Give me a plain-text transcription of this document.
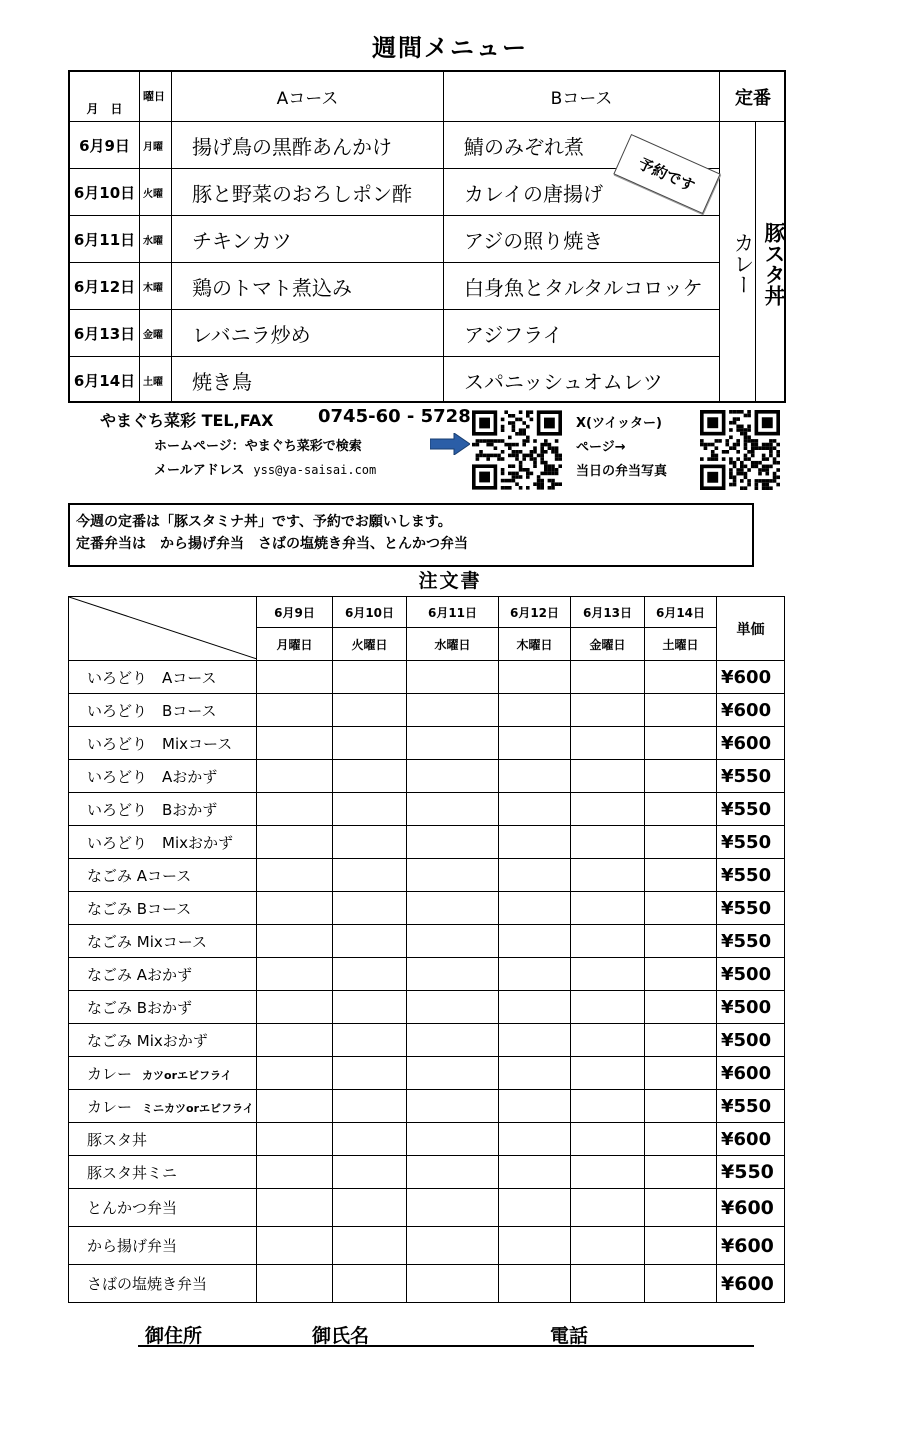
週間メニュー
月　日
曜日	Aコース	Bコース	定番
6月9日	月曜	揚げ鳥の黒酢あんかけ	鯖のみぞれ煮
6月10日 火曜	豚と野菜のおろしポン酢	カレイの唐揚げ
6月11日 水曜	チキンカツ	アジの照り焼き
6月12日 木曜	鶏のトマト煮込み	白身魚とタルタルコロッケ
6月13日 金曜	レバニラ炒め	アジフライ
6月14日 土曜	焼き鳥	スパニッシュオムレツ
カレー 豚スタ丼
予約です
やまぐち菜彩 TEL,FAX 0745-60 - 5728
ホームページ：やまぐち菜彩で検索
メールアドレス yss@ya-saisai.com
X(ツイッター)
ページ→
当日の弁当写真
今週の定番は「豚スタミナ丼」です、予約でお願いします。
定番弁当は　から揚げ弁当　さばの塩焼き弁当、とんかつ弁当
注文書
	6月9日	6月10日	6月11日	6月12日	6月13日	6月14日	単価
	月曜日	火曜日	水曜日	木曜日	金曜日	土曜日	
いろどり　Aコース							¥600
いろどり　Bコース							¥600
いろどり　Mixコース							¥600
いろどり　Aおかず							¥550
いろどり　Bおかず							¥550
いろどり　Mixおかず							¥550
なごみ Aコース							¥550
なごみ Bコース							¥550
なごみ Mixコース							¥550
なごみ Aおかず							¥500
なごみ Bおかず							¥500
なごみ Mixおかず							¥500
カレー カツorエビフライ							¥600
カレー ミニカツorエビフライ							¥550
豚スタ丼							¥600
豚スタ丼ミニ							¥550
とんかつ弁当							¥600
から揚げ弁当							¥600
さばの塩焼き弁当							¥600
御住所	御氏名	電話
